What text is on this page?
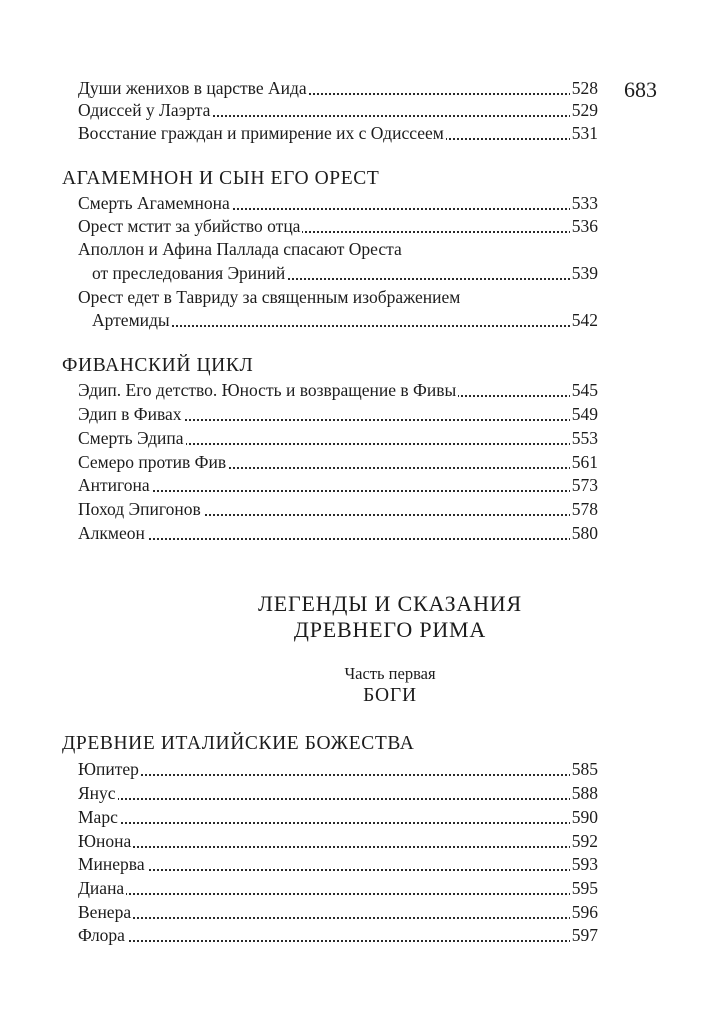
683
Души женихов в царстве Аида	528
Одиссей у Лаэрта	529
Восстание граждан и примирение их с Одиссеем	531
АГАМЕМНОН И СЫН ЕГО ОРЕСТ
Смерть Агамемнона	533
Орест мстит за убийство отца	536
Аполлон и Афина Паллада спасают Ореста
от преследования Эриний	539
Орест едет в Тавриду за священным изображением
Артемиды	542
ФИВАНСКИЙ ЦИКЛ
Эдип. Его детство. Юность и возвращение в Фивы	545
Эдип в Фивах	549
Смерть Эдипа	553
Семеро против Фив	561
Антигона	573
Поход Эпигонов	578
Алкмеон	580
ЛЕГЕНДЫ И СКАЗАНИЯ
ДРЕВНЕГО РИМА
Часть первая
БОГИ
ДРЕВНИЕ ИТАЛИЙСКИЕ БОЖЕСТВА
Юпитер	585
Янус	588
Марс	590
Юнона	592
Минерва	593
Диана	595
Венера	596
Флора	597
